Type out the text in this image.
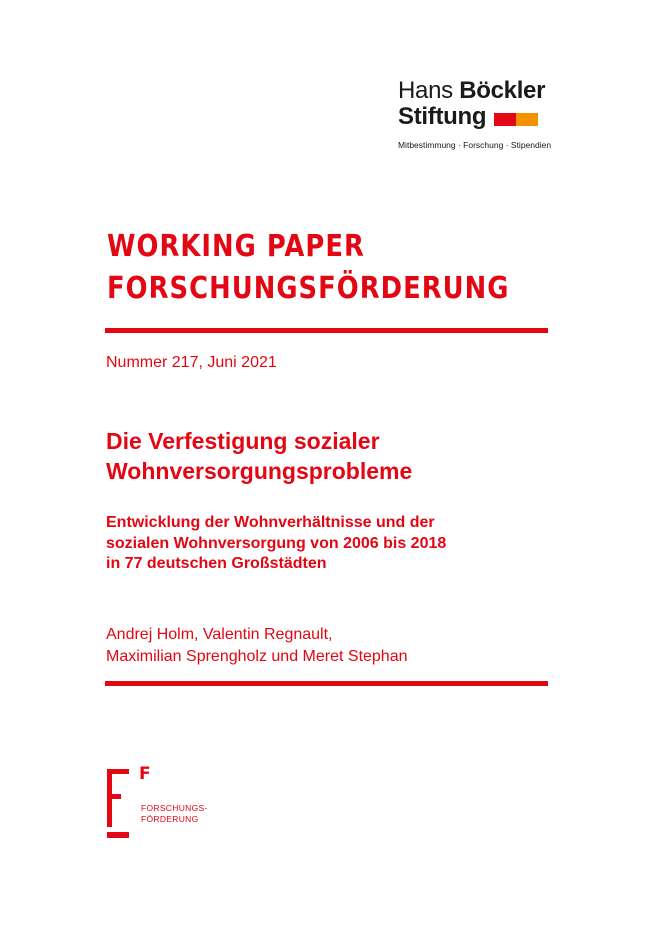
Hans Böckler
Stiftung
Mitbestimmung · Forschung · Stipendien
WORKING PAPER
FORSCHUNGSFÖRDERUNG
Nummer 217, Juni 2021
Die Verfestigung sozialer
Wohnversorgungsprobleme
Entwicklung der Wohnverhältnisse und der
sozialen Wohnversorgung von 2006 bis 2018
in 77 deutschen Großstädten
Andrej Holm, Valentin Regnault,
Maximilian Sprengholz und Meret Stephan
F
FORSCHUNGS-
FÖRDERUNG
